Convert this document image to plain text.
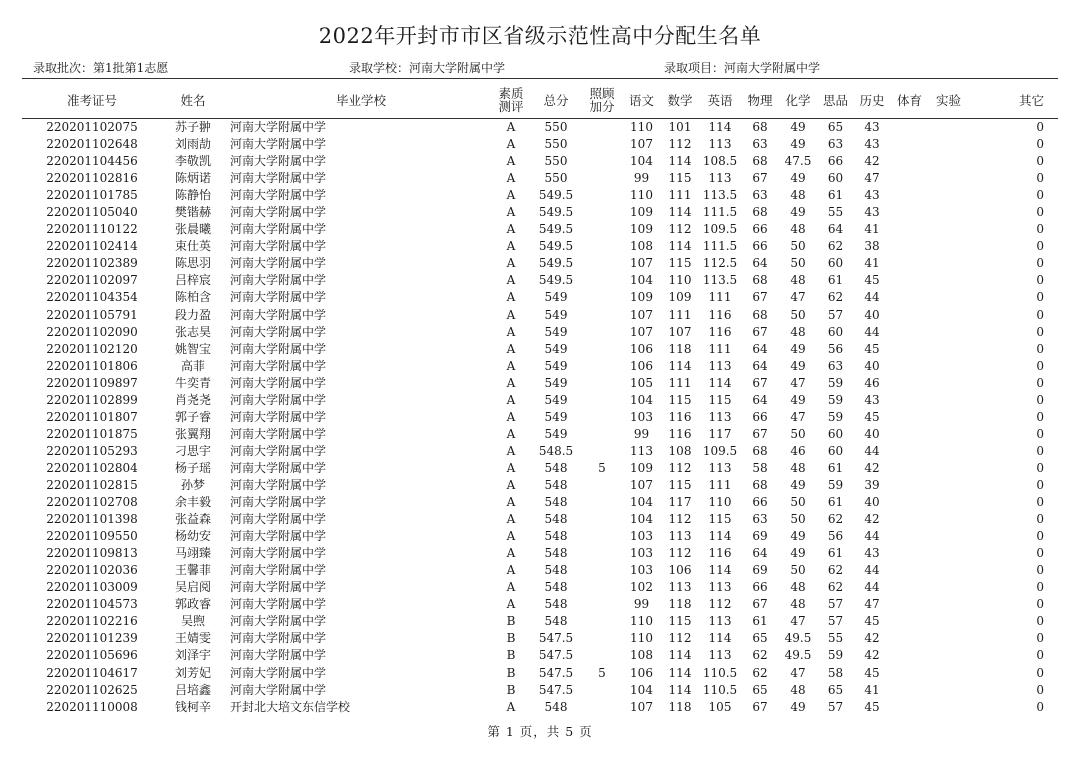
2022年开封市市区省级示范性高中分配生名单
录取批次：第1批第1志愿	录取学校：河南大学附属中学	录取项目：河南大学附属中学
准考证号	姓名	毕业学校	素质测评	总分	照顾加分	语文	数学	英语	物理	化学	思品	历史	体育	实验	其它
220201102075	苏子翀	河南大学附属中学	A	550		110	101	114	68	49	65	43			0
220201102648	刘雨劼	河南大学附属中学	A	550		107	112	113	63	49	63	43			0
220201104456	李敬凯	河南大学附属中学	A	550		104	114	108.5	68	47.5	66	42			0
220201102816	陈炳诺	河南大学附属中学	A	550		99	115	113	67	49	60	47			0
220201101785	陈静怡	河南大学附属中学	A	549.5		110	111	113.5	63	48	61	43			0
220201105040	樊锴赫	河南大学附属中学	A	549.5		109	114	111.5	68	49	55	43			0
220201110122	张晨曦	河南大学附属中学	A	549.5		109	112	109.5	66	48	64	41			0
220201102414	束仕英	河南大学附属中学	A	549.5		108	114	111.5	66	50	62	38			0
220201102389	陈思羽	河南大学附属中学	A	549.5		107	115	112.5	64	50	60	41			0
220201102097	吕梓宸	河南大学附属中学	A	549.5		104	110	113.5	68	48	61	45			0
220201104354	陈柏含	河南大学附属中学	A	549		109	109	111	67	47	62	44			0
220201105791	段力盈	河南大学附属中学	A	549		107	111	116	68	50	57	40			0
220201102090	张志昊	河南大学附属中学	A	549		107	107	116	67	48	60	44			0
220201102120	姚智宝	河南大学附属中学	A	549		106	118	111	64	49	56	45			0
220201101806	高菲	河南大学附属中学	A	549		106	114	113	64	49	63	40			0
220201109897	牛奕青	河南大学附属中学	A	549		105	111	114	67	47	59	46			0
220201102899	肖尧尧	河南大学附属中学	A	549		104	115	115	64	49	59	43			0
220201101807	郭子睿	河南大学附属中学	A	549		103	116	113	66	47	59	45			0
220201101875	张翼翔	河南大学附属中学	A	549		99	116	117	67	50	60	40			0
220201105293	刁思宇	河南大学附属中学	A	548.5		113	108	109.5	68	46	60	44			0
220201102804	杨子瑶	河南大学附属中学	A	548	5	109	112	113	58	48	61	42			0
220201102815	孙梦	河南大学附属中学	A	548		107	115	111	68	49	59	39			0
220201102708	余丰毅	河南大学附属中学	A	548		104	117	110	66	50	61	40			0
220201101398	张益森	河南大学附属中学	A	548		104	112	115	63	50	62	42			0
220201109550	杨幼安	河南大学附属中学	A	548		103	113	114	69	49	56	44			0
220201109813	马翊臻	河南大学附属中学	A	548		103	112	116	64	49	61	43			0
220201102036	王馨菲	河南大学附属中学	A	548		103	106	114	69	50	62	44			0
220201103009	吴启阅	河南大学附属中学	A	548		102	113	113	66	48	62	44			0
220201104573	郭政睿	河南大学附属中学	A	548		99	118	112	67	48	57	47			0
220201102216	吴煦	河南大学附属中学	B	548		110	115	113	61	47	57	45			0
220201101239	王婧雯	河南大学附属中学	B	547.5		110	112	114	65	49.5	55	42			0
220201105696	刘泽宇	河南大学附属中学	B	547.5		108	114	113	62	49.5	59	42			0
220201104617	刘芳妃	河南大学附属中学	B	547.5	5	106	114	110.5	62	47	58	45			0
220201102625	吕培鑫	河南大学附属中学	B	547.5		104	114	110.5	65	48	65	41			0
220201110008	钱柯辛	开封北大培文东信学校	A	548		107	118	105	67	49	57	45			0
第 1 页，共 5 页
